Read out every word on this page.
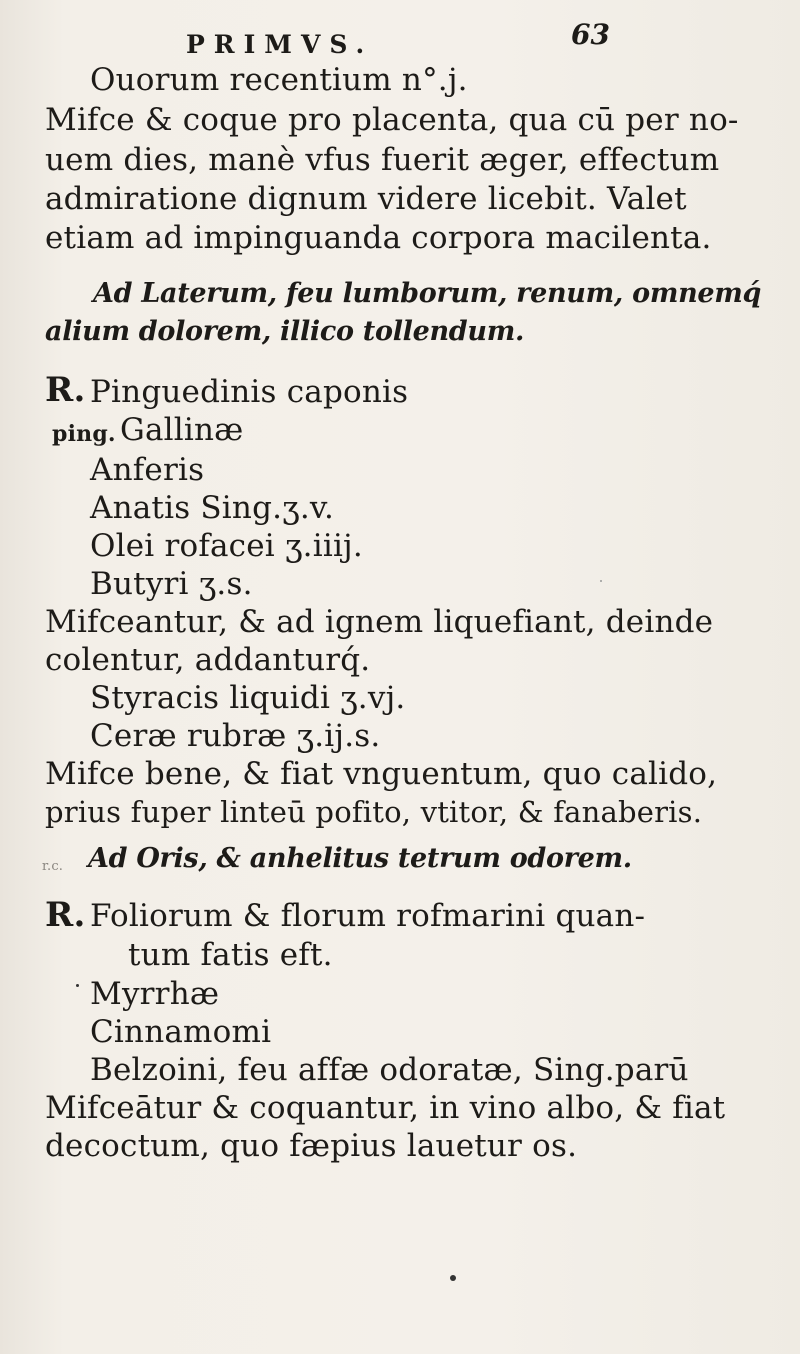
PRIMVS.	63
Ouorum recentium n°.j.
Mifce & coque pro placenta, qua cū per no-
uem dies, manè vfus fuerit æger, effectum
admiratione dignum videre licebit. Valet
etiam ad impinguanda corpora macilenta.
Ad Laterum, feu lumborum, renum, omnemq́
alium dolorem, illico tollendum.
R. Pinguedinis caponis
ping. Gallinæ
Anferis
Anatis Sing.ʒ.v.
Olei rofacei ʒ.iiij.
Butyri ʒ.s.
Mifceantur, & ad ignem liquefiant, deinde
colentur, addanturq́.
Styracis liquidi ʒ.vj.
Ceræ rubræ ʒ.ij.s.
Mifce bene, & fiat vnguentum, quo calido,
prius fuper linteū pofito, vtitor, & fanaberis.
r.c. Ad Oris, & anhelitus tetrum odorem.
R. Foliorum & florum rofmarini quan-
tum fatis eft.
Myrrhæ
Cinnamomi
Belzoini, feu affæ odoratæ, Sing.parū
Mifceātur & coquantur, in vino albo, & fiat
decoctum, quo fæpius lauetur os.
